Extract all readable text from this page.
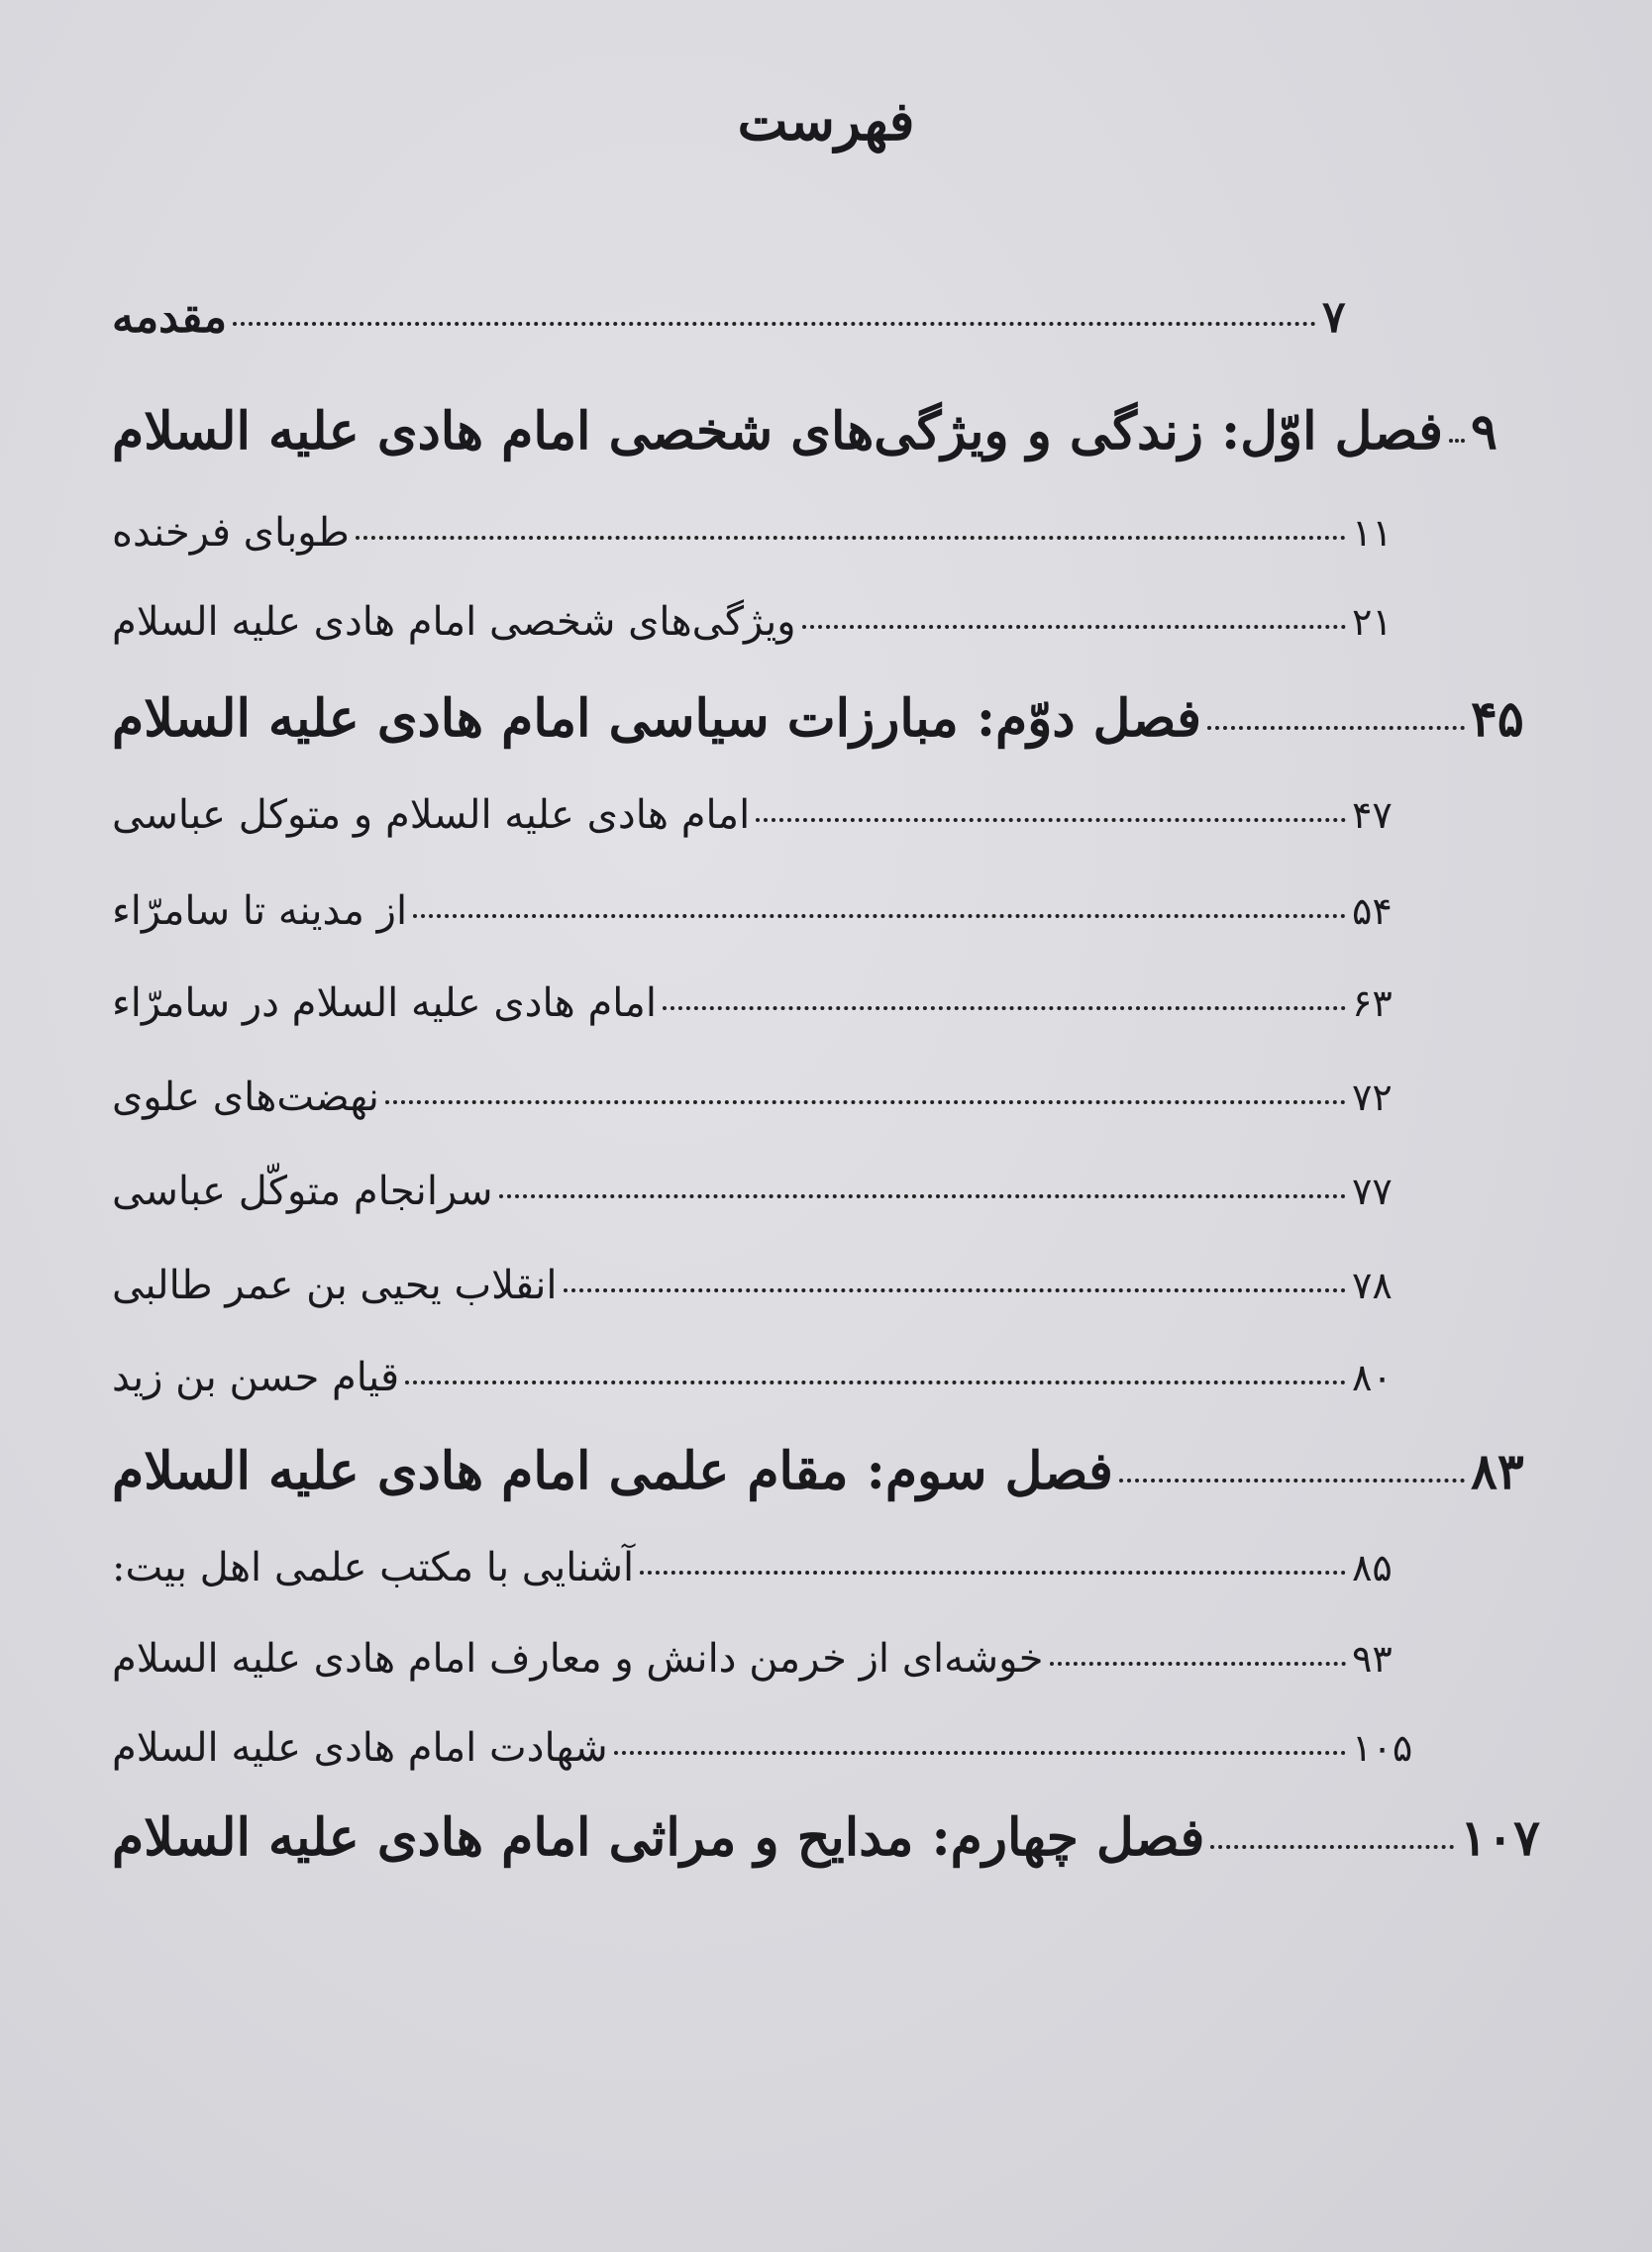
فهرست
مقدمه	۷
فصل اوّل: زندگی و ویژگی‌های شخصی امام هادی علیه السلام ۹
طوبای فرخنده	۱۱
ویژگی‌های شخصی امام هادی علیه السلام	۲۱
فصل دوّم: مبارزات سیاسی امام هادی علیه السلام	۴۵
امام هادی علیه السلام و متوکل عباسی	۴۷
از مدینه تا سامرّاء	۵۴
امام هادی علیه السلام در سامرّاء	۶۳
نهضت‌های علوی	۷۲
سرانجام متوکّل عباسی	۷۷
انقلاب یحیی بن عمر طالبی	۷۸
قیام حسن بن زید	۸۰
فصل سوم: مقام علمی امام هادی علیه السلام	۸۳
آشنایی با مکتب علمی اهل بیت:	۸۵
خوشه‌ای از خرمن دانش و معارف امام هادی علیه السلام	۹۳
شهادت امام هادی علیه السلام	۱۰۵
فصل چهارم: مدایح و مراثی امام هادی علیه السلام	۱۰۷
